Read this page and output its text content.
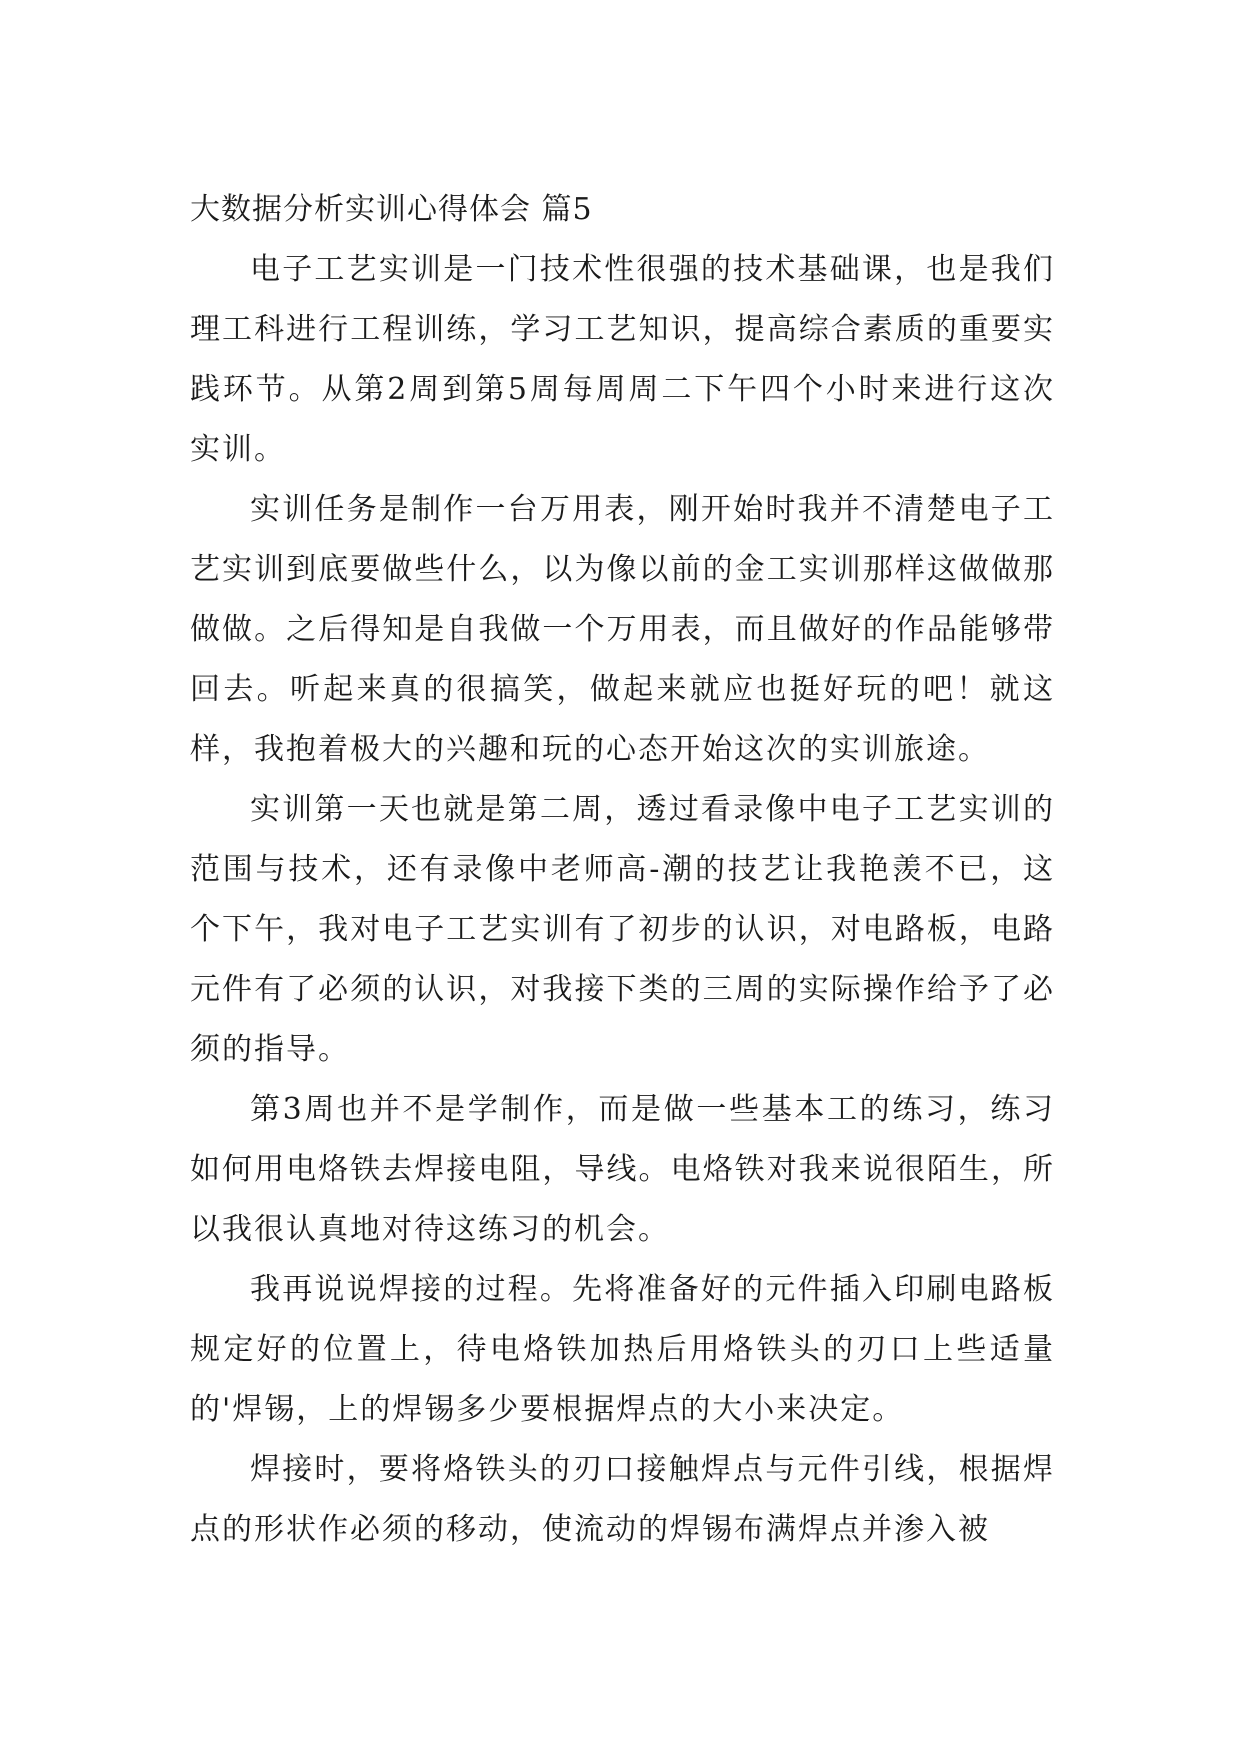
大数据分析实训心得体会 篇5

电子工艺实训是一门技术性很强的技术基础课，也是我们理工科进行工程训练，学习工艺知识，提高综合素质的重要实践环节。从第2周到第5周每周周二下午四个小时来进行这次实训。

实训任务是制作一台万用表，刚开始时我并不清楚电子工艺实训到底要做些什么，以为像以前的金工实训那样这做做那做做。之后得知是自我做一个万用表，而且做好的作品能够带回去。听起来真的很搞笑，做起来就应也挺好玩的吧！就这样，我抱着极大的兴趣和玩的心态开始这次的实训旅途。

实训第一天也就是第二周，透过看录像中电子工艺实训的范围与技术，还有录像中老师高-潮的技艺让我艳羡不已，这个下午，我对电子工艺实训有了初步的认识，对电路板，电路元件有了必须的认识，对我接下类的三周的实际操作给予了必须的指导。

第3周也并不是学制作，而是做一些基本工的练习，练习如何用电烙铁去焊接电阻，导线。电烙铁对我来说很陌生，所以我很认真地对待这练习的机会。

我再说说焊接的过程。先将准备好的元件插入印刷电路板规定好的位置上，待电烙铁加热后用烙铁头的刃口上些适量的'焊锡，上的焊锡多少要根据焊点的大小来决定。

焊接时，要将烙铁头的刃口接触焊点与元件引线，根据焊点的形状作必须的移动，使流动的焊锡布满焊点并渗入被
